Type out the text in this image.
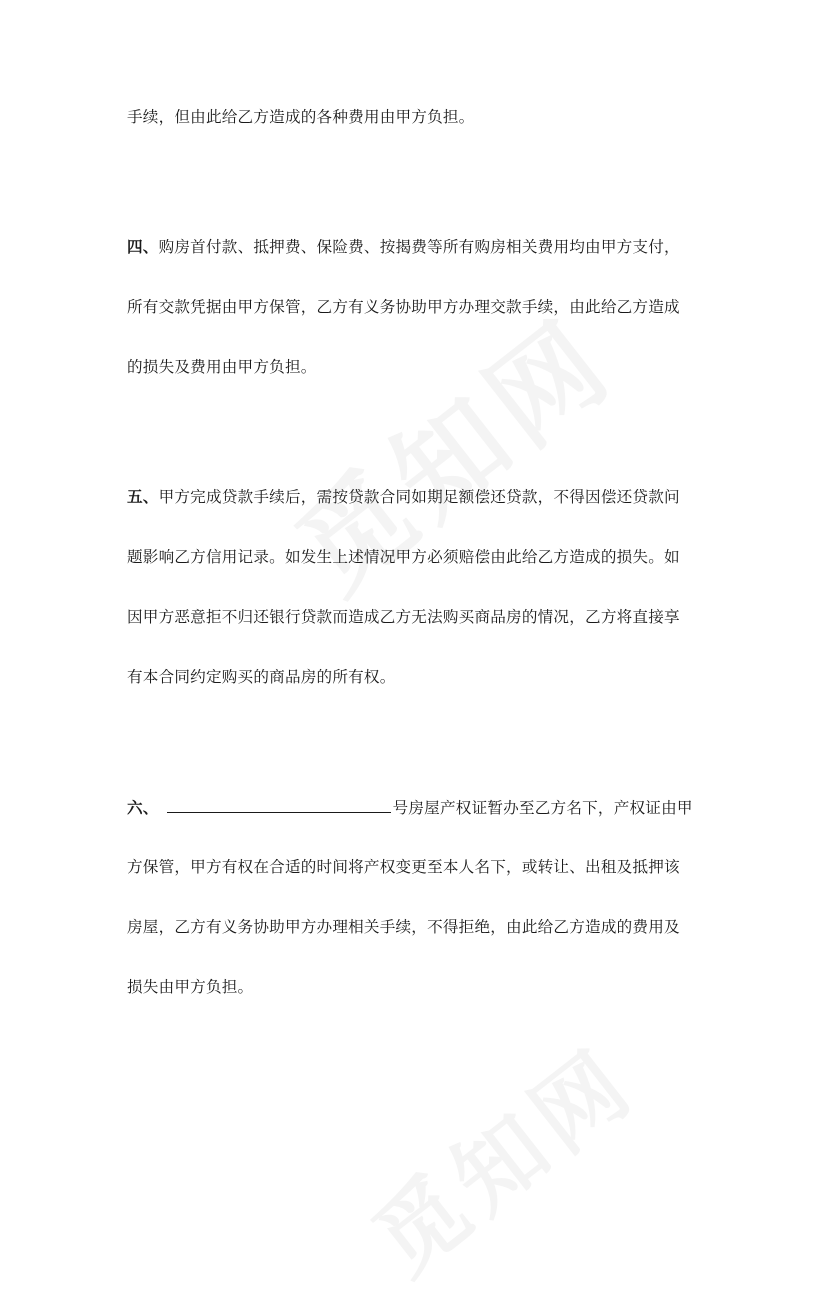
手续，但由此给乙方造成的各种费用由甲方负担。
四、购房首付款、抵押费、保险费、按揭费等所有购房相关费用均由甲方支付，
所有交款凭据由甲方保管，乙方有义务协助甲方办理交款手续，由此给乙方造成
的损失及费用由甲方负担。
五、甲方完成贷款手续后，需按贷款合同如期足额偿还贷款，不得因偿还贷款问
题影响乙方信用记录。如发生上述情况甲方必须赔偿由此给乙方造成的损失。如
因甲方恶意拒不归还银行贷款而造成乙方无法购买商品房的情况，乙方将直接享
有本合同约定购买的商品房的所有权。
六、	号房屋产权证暂办至乙方名下，产权证由甲
方保管，甲方有权在合适的时间将产权变更至本人名下，或转让、出租及抵押该
房屋，乙方有义务协助甲方办理相关手续，不得拒绝，由此给乙方造成的费用及
损失由甲方负担。
